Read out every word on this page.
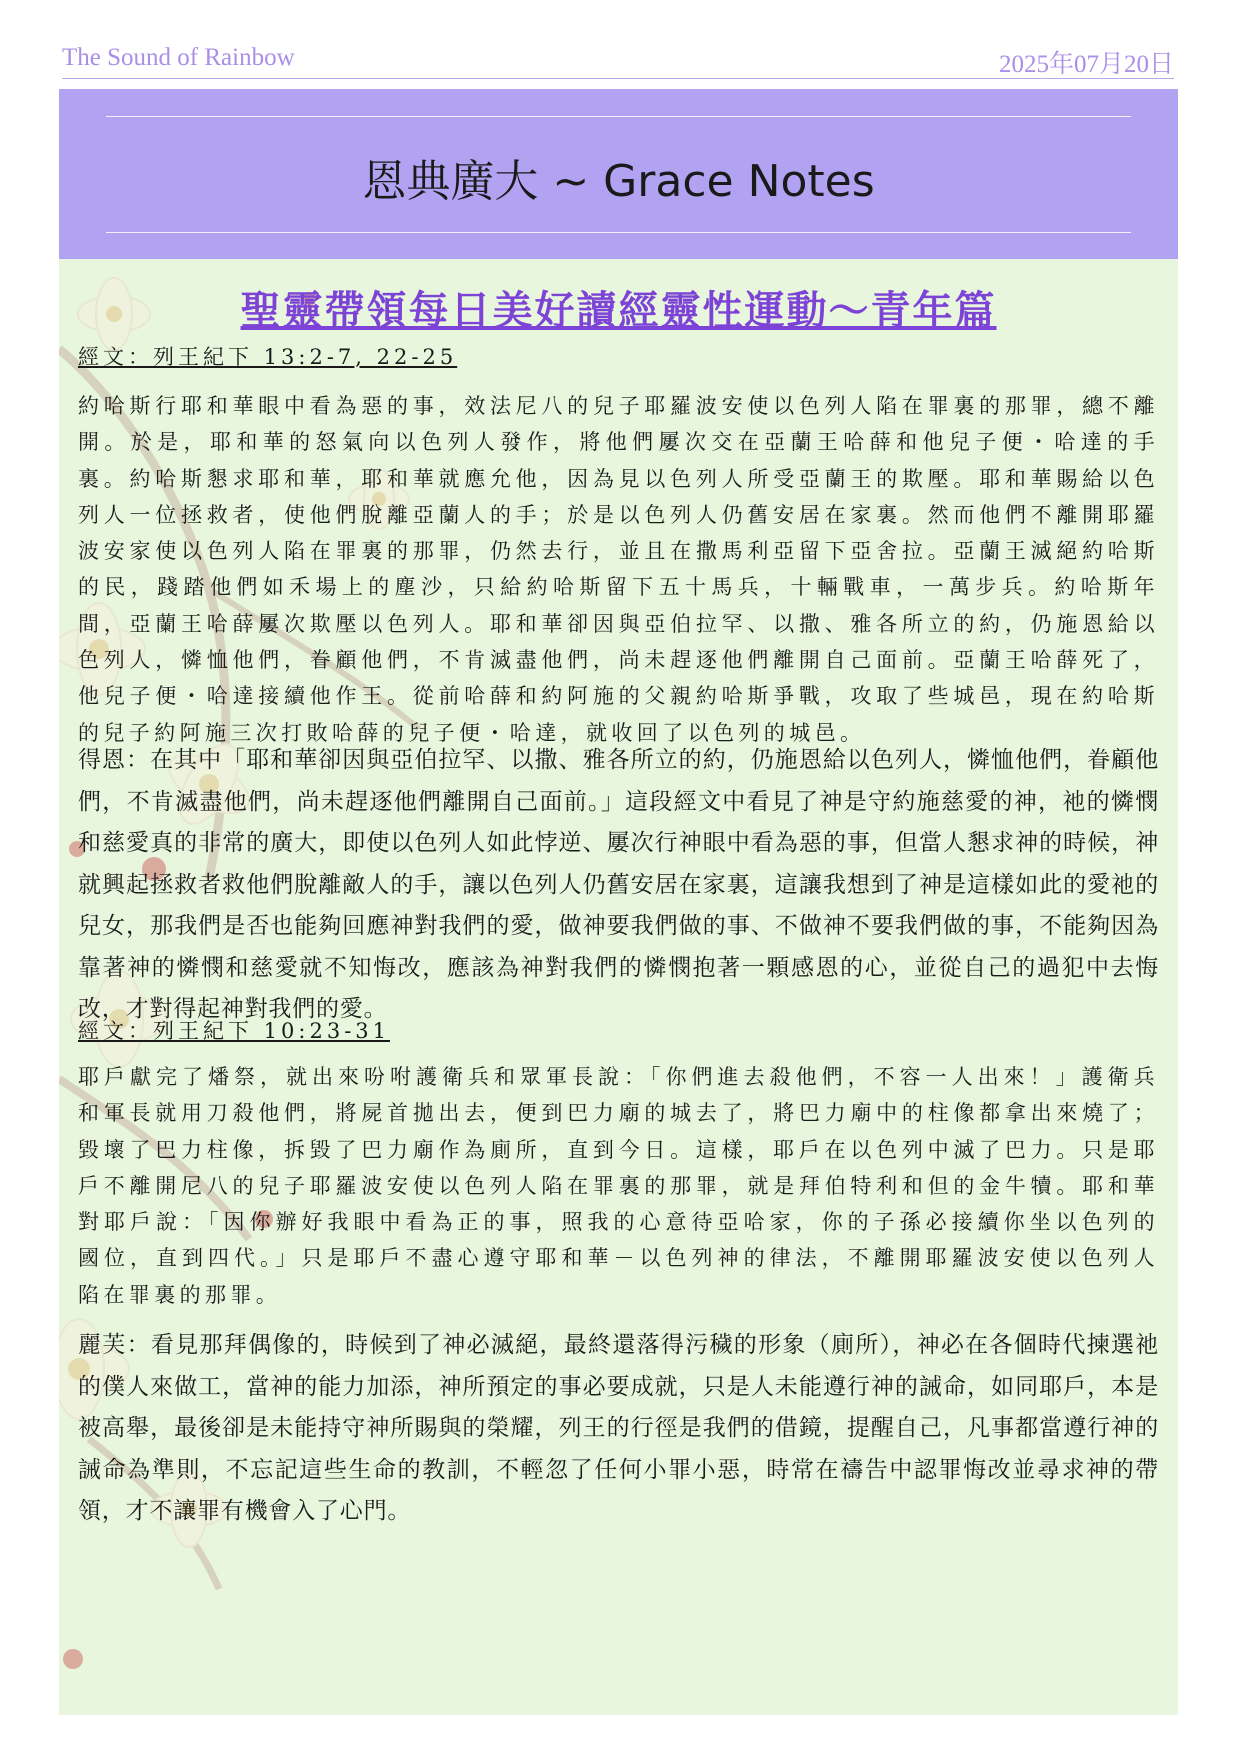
The Sound of Rainbow	2025年07月20日
恩典廣大 ~ Grace Notes
聖靈帶領每日美好讀經靈性運動～青年篇
經文：列王紀下 13:2-7, 22-25

約哈斯行耶和華眼中看為惡的事，效法尼八的兒子耶羅波安使以色列人陷在罪裏的那罪，總不離開。於是，耶和華的怒氣向以色列人發作，將他們屢次交在亞蘭王哈薛和他兒子便・哈達的手裏。約哈斯懇求耶和華，耶和華就應允他，因為見以色列人所受亞蘭王的欺壓。耶和華賜給以色列人一位拯救者，使他們脫離亞蘭人的手；於是以色列人仍舊安居在家裏。然而他們不離開耶羅波安家使以色列人陷在罪裏的那罪，仍然去行，並且在撒馬利亞留下亞舍拉。亞蘭王滅絕約哈斯的民，踐踏他們如禾場上的塵沙，只給約哈斯留下五十馬兵，十輛戰車，一萬步兵。約哈斯年間，亞蘭王哈薛屢次欺壓以色列人。耶和華卻因與亞伯拉罕、以撒、雅各所立的約，仍施恩給以色列人，憐恤他們，眷顧他們，不肯滅盡他們，尚未趕逐他們離開自己面前。亞蘭王哈薛死了，他兒子便・哈達接續他作王。從前哈薛和約阿施的父親約哈斯爭戰，攻取了些城邑，現在約哈斯的兒子約阿施三次打敗哈薛的兒子便・哈達，就收回了以色列的城邑。

得恩：在其中「耶和華卻因與亞伯拉罕、以撒、雅各所立的約，仍施恩給以色列人，憐恤他們，眷顧他們，不肯滅盡他們，尚未趕逐他們離開自己面前。」這段經文中看見了神是守約施慈愛的神，祂的憐憫和慈愛真的非常的廣大，即使以色列人如此悖逆、屢次行神眼中看為惡的事，但當人懇求神的時候，神就興起拯救者救他們脫離敵人的手，讓以色列人仍舊安居在家裏，這讓我想到了神是這樣如此的愛祂的兒女，那我們是否也能夠回應神對我們的愛，做神要我們做的事、不做神不要我們做的事，不能夠因為靠著神的憐憫和慈愛就不知悔改，應該為神對我們的憐憫抱著一顆感恩的心，並從自己的過犯中去悔改，才對得起神對我們的愛。

經文：列王紀下 10:23-31

耶戶獻完了燔祭，就出來吩咐護衛兵和眾軍長說：「你們進去殺他們，不容一人出來！」護衛兵和軍長就用刀殺他們，將屍首拋出去，便到巴力廟的城去了，將巴力廟中的柱像都拿出來燒了；毀壞了巴力柱像，拆毀了巴力廟作為廁所，直到今日。這樣，耶戶在以色列中滅了巴力。只是耶戶不離開尼八的兒子耶羅波安使以色列人陷在罪裏的那罪，就是拜伯特利和但的金牛犢。耶和華對耶戶說：「因你辦好我眼中看為正的事，照我的心意待亞哈家，你的子孫必接續你坐以色列的國位，直到四代。」只是耶戶不盡心遵守耶和華－以色列神的律法，不離開耶羅波安使以色列人陷在罪裏的那罪。

麗芙：看見那拜偶像的，時候到了神必滅絕，最終還落得污穢的形象（廁所），神必在各個時代揀選祂的僕人來做工，當神的能力加添，神所預定的事必要成就，只是人未能遵行神的誡命，如同耶戶，本是被高舉，最後卻是未能持守神所賜與的榮耀，列王的行徑是我們的借鏡，提醒自己，凡事都當遵行神的誡命為準則，不忘記這些生命的教訓，不輕忽了任何小罪小惡，時常在禱告中認罪悔改並尋求神的帶領，才不讓罪有機會入了心門。
